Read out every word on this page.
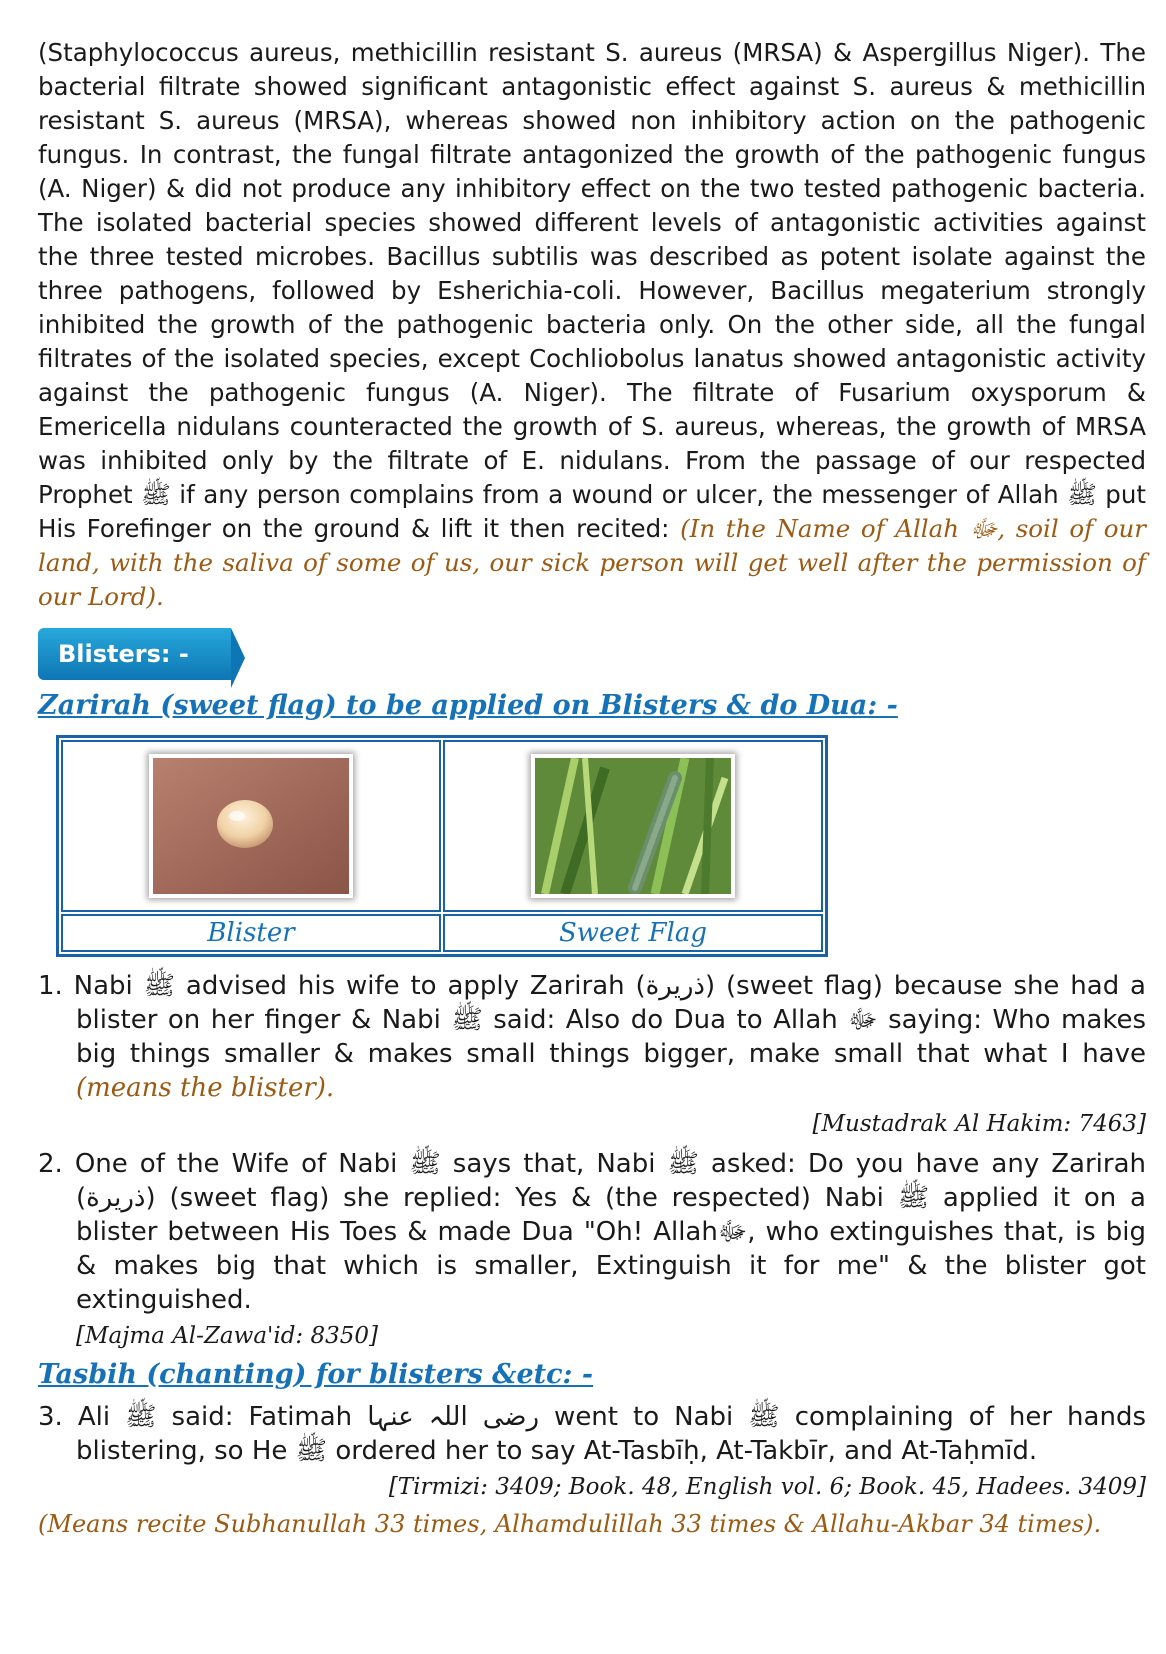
(Staphylococcus aureus, methicillin resistant S. aureus (MRSA) & Aspergillus Niger). The bacterial filtrate showed significant antagonistic effect against S. aureus & methicillin resistant S. aureus (MRSA), whereas showed non inhibitory action on the pathogenic fungus. In contrast, the fungal filtrate antagonized the growth of the pathogenic fungus (A. Niger) & did not produce any inhibitory effect on the two tested pathogenic bacteria. The isolated bacterial species showed different levels of antagonistic activities against the three tested microbes. Bacillus subtilis was described as potent isolate against the three pathogens, followed by Esherichia-coli. However, Bacillus megaterium strongly inhibited the growth of the pathogenic bacteria only. On the other side, all the fungal filtrates of the isolated species, except Cochliobolus lanatus showed antagonistic activity against the pathogenic fungus (A. Niger). The filtrate of Fusarium oxysporum & Emericella nidulans counteracted the growth of S. aureus, whereas, the growth of MRSA was inhibited only by the filtrate of E. nidulans. From the passage of our respected Prophet ﷺ if any person complains from a wound or ulcer, the messenger of Allah ﷺ put His Forefinger on the ground & lift it then recited: (In the Name of Allah ﷻ, soil of our land, with the saliva of some of us, our sick person will get well after the permission of our Lord).

Blisters: -

Zarirah (sweet flag) to be applied on Blisters & do Dua: -

Blister	Sweet Flag

1. Nabi ﷺ advised his wife to apply Zarirah (ذريرة) (sweet flag) because she had a blister on her finger & Nabi ﷺ said: Also do Dua to Allah ﷻ saying: Who makes big things smaller & makes small things bigger, make small that what I have (means the blister).

[Mustadrak Al Hakim: 7463]

2. One of the Wife of Nabi ﷺ says that, Nabi ﷺ asked: Do you have any Zarirah (ذريرة) (sweet flag) she replied: Yes & (the respected) Nabi ﷺ applied it on a blister between His Toes & made Dua "Oh! Allahﷻ, who extinguishes that, is big & makes big that which is smaller, Extinguish it for me" & the blister got extinguished.

[Majma Al-Zawa'id: 8350]

Tasbih (chanting) for blisters &etc: -

3. Ali ﷺ said: Fatimah رضی اللہ عنہا went to Nabi ﷺ complaining of her hands blistering, so He ﷺ ordered her to say At-Tasbīḥ, At-Takbīr, and At-Taḥmīd.

[Tirmizi: 3409; Book. 48, English vol. 6; Book. 45, Hadees. 3409]

(Means recite Subhanullah 33 times, Alhamdulillah 33 times & Allahu-Akbar 34 times).
